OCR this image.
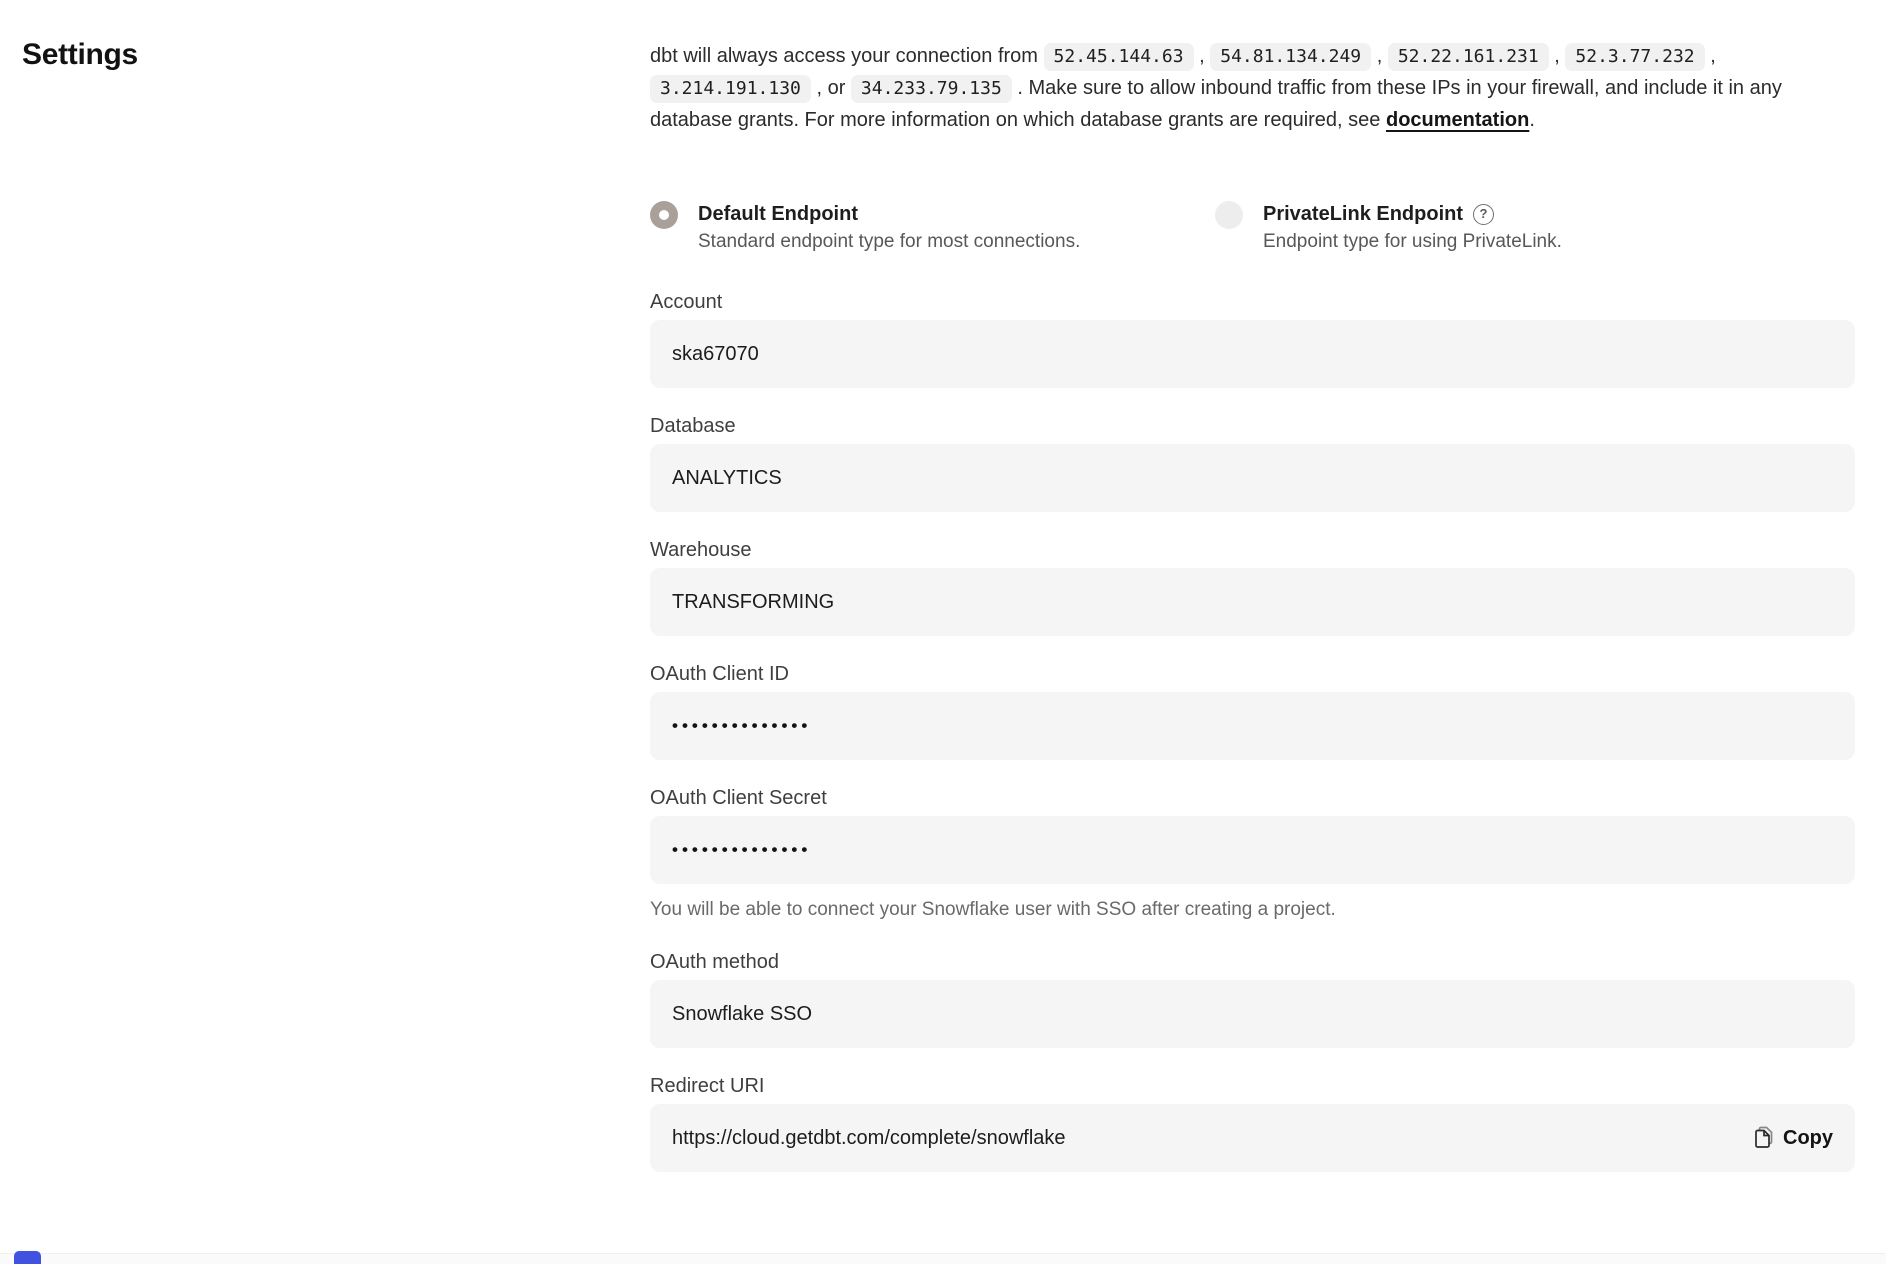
Settings	dbt will always access your connection from 52.45.144.63 , 54.81.134.249 , 52.22.161.231 , 52.3.77.232 , 3.214.191.130 , or 34.233.79.135 . Make sure to allow inbound traffic from these IPs in your firewall, and include it in any database grants. For more information on which database grants are required, see documentation.

Default Endpoint
Standard endpoint type for most connections.
PrivateLink Endpoint	?
Endpoint type for using PrivateLink.
Account
ska67070
Database
ANALYTICS
Warehouse
TRANSFORMING
OAuth Client ID
••••••••••••••
OAuth Client Secret
••••••••••••••
You will be able to connect your Snowflake user with SSO after creating a project.
OAuth method
Snowflake SSO
Redirect URI
https://cloud.getdbt.com/complete/snowflake	Copy
